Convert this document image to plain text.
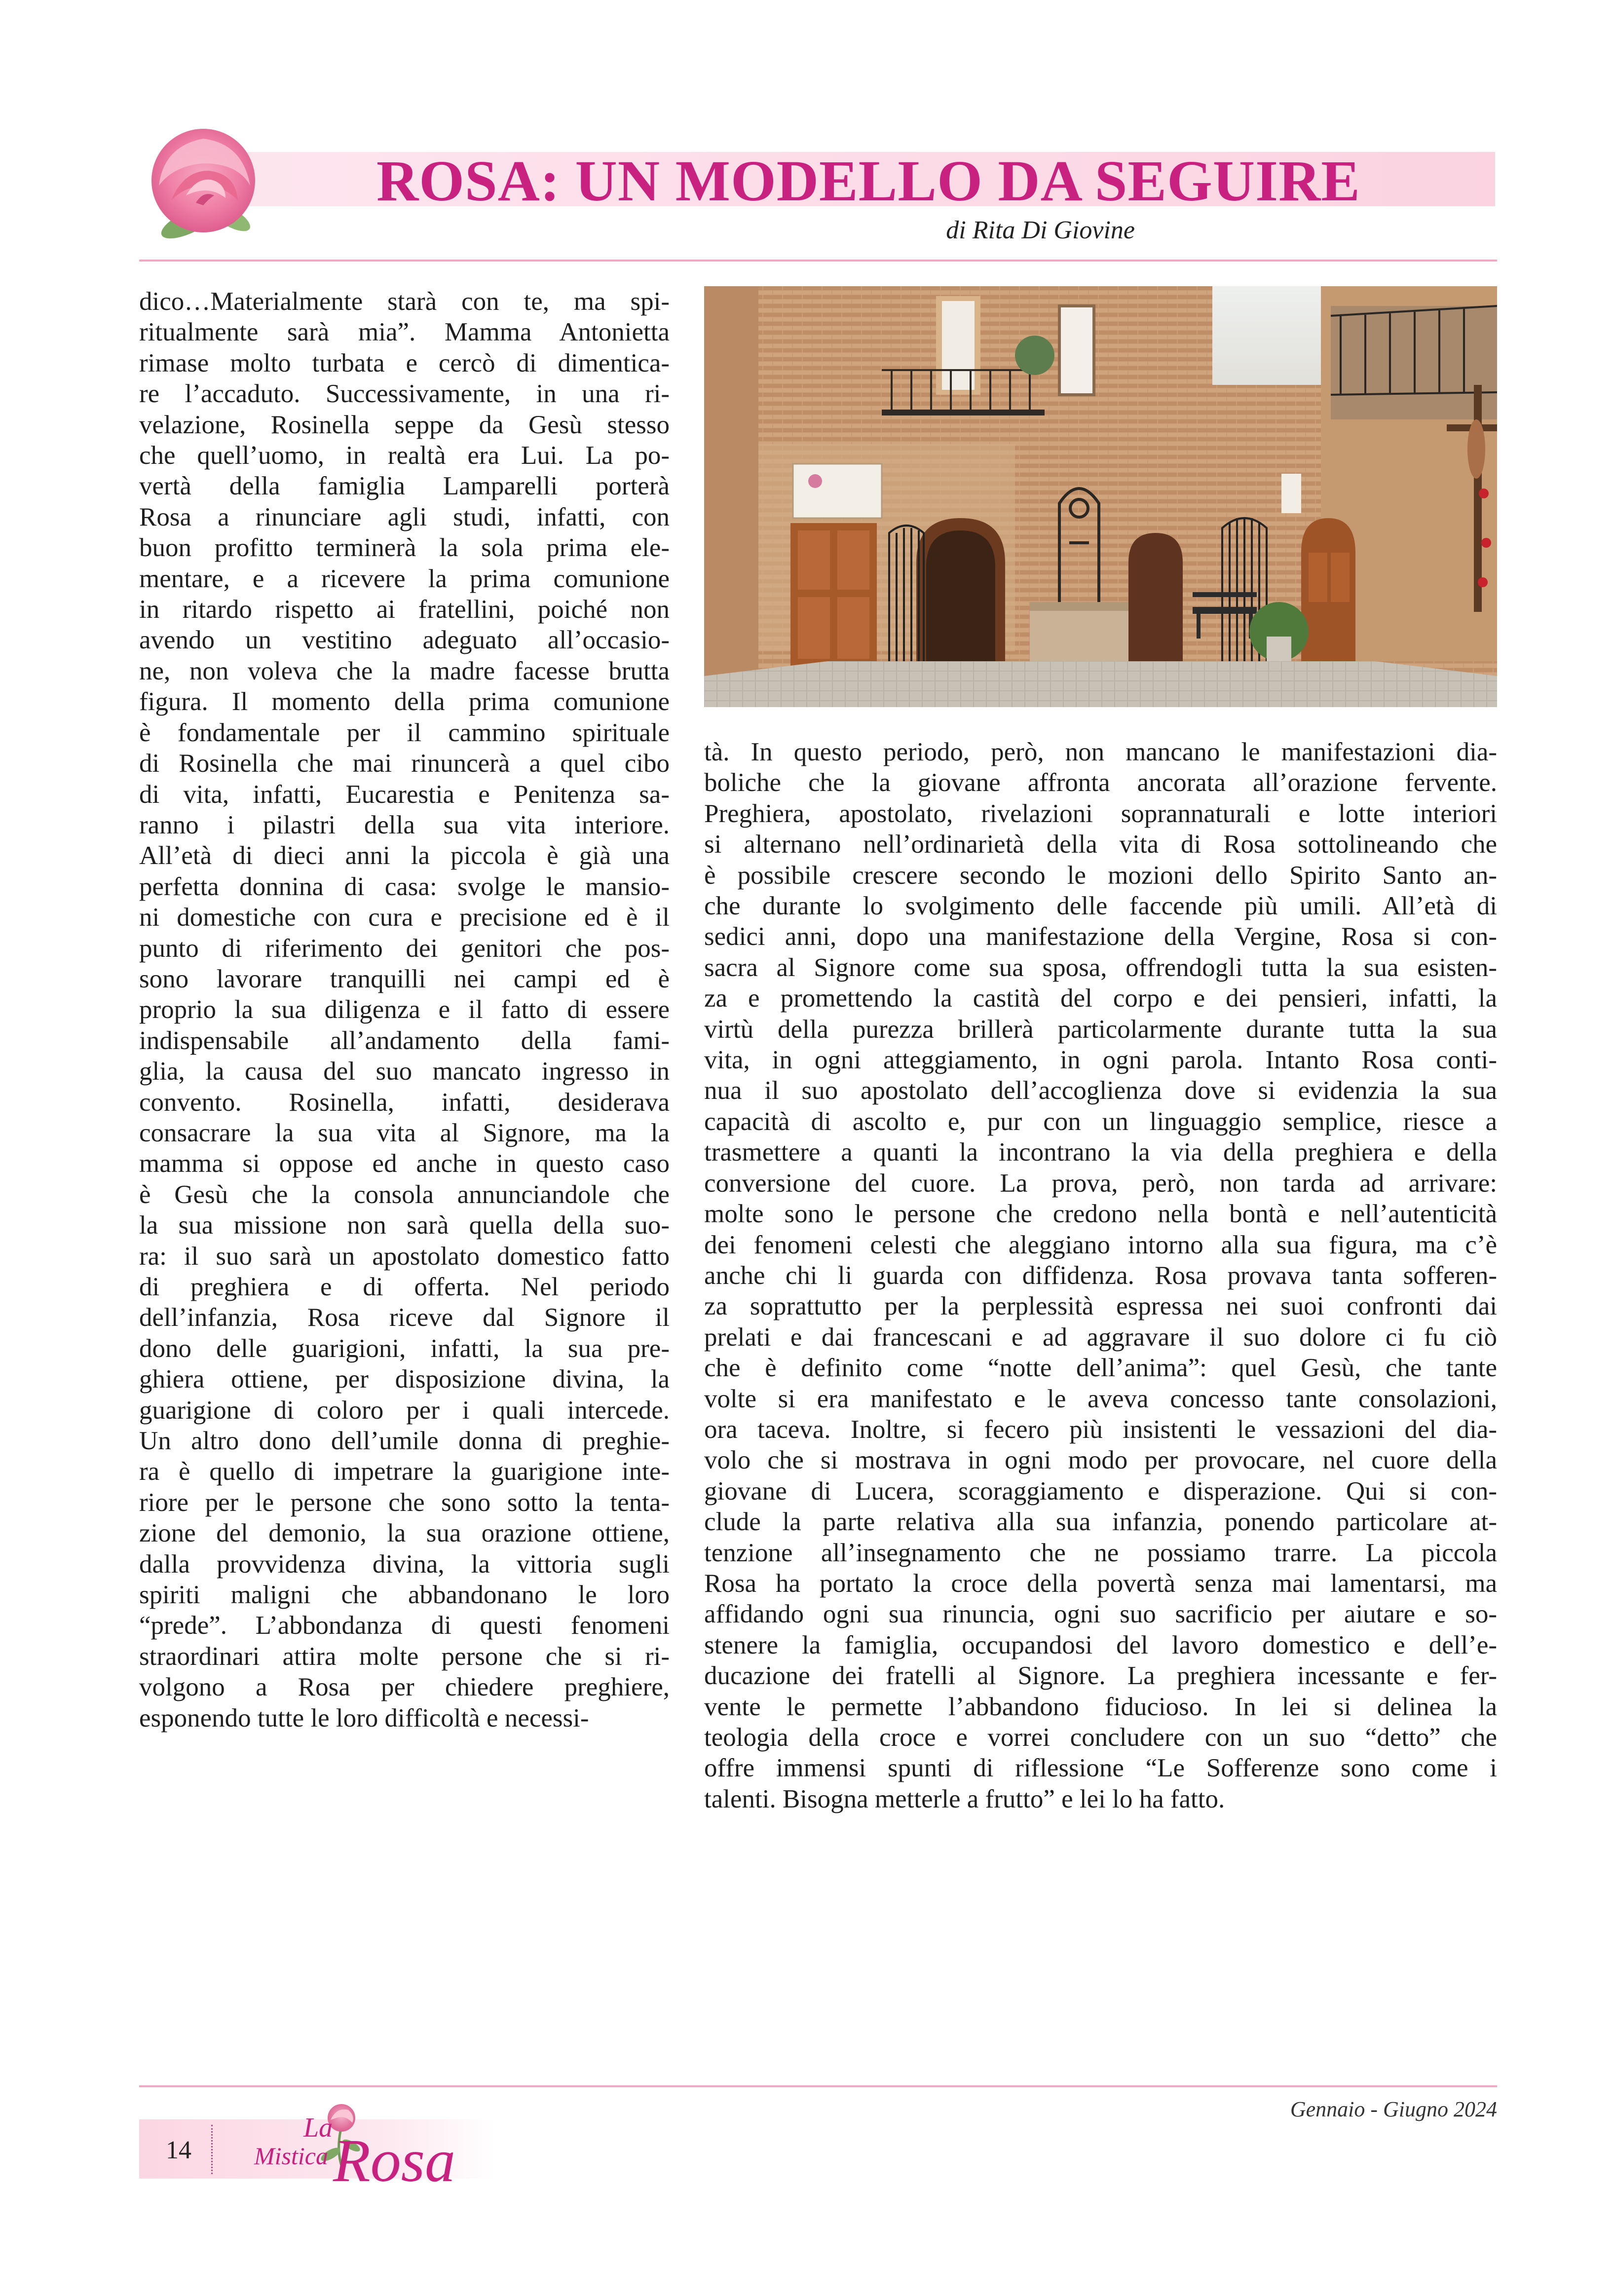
ROSA: UN MODELLO DA SEGUIRE
di Rita Di Giovine
dico…Materialmente starà con te, ma spi-
ritualmente sarà mia”. Mamma Antonietta
rimase molto turbata e cercò di dimentica-
re l’accaduto. Successivamente, in una ri-
velazione, Rosinella seppe da Gesù stesso
che quell’uomo, in realtà era Lui. La po-
vertà della famiglia Lamparelli porterà
Rosa a rinunciare agli studi, infatti, con
buon profitto terminerà la sola prima ele-
mentare, e a ricevere la prima comunione
in ritardo rispetto ai fratellini, poiché non
avendo un vestitino adeguato all’occasio-
ne, non voleva che la madre facesse brutta
figura. Il momento della prima comunione
è fondamentale per il cammino spirituale
di Rosinella che mai rinuncerà a quel cibo
di vita, infatti, Eucarestia e Penitenza sa-
ranno i pilastri della sua vita interiore.
All’età di dieci anni la piccola è già una
perfetta donnina di casa: svolge le mansio-
ni domestiche con cura e precisione ed è il
punto di riferimento dei genitori che pos-
sono lavorare tranquilli nei campi ed è
proprio la sua diligenza e il fatto di essere
indispensabile all’andamento della fami-
glia, la causa del suo mancato ingresso in
convento. Rosinella, infatti, desiderava
consacrare la sua vita al Signore, ma la
mamma si oppose ed anche in questo caso
è Gesù che la consola annunciandole che
la sua missione non sarà quella della suo-
ra: il suo sarà un apostolato domestico fatto
di preghiera e di offerta. Nel periodo
dell’infanzia, Rosa riceve dal Signore il
dono delle guarigioni, infatti, la sua pre-
ghiera ottiene, per disposizione divina, la
guarigione di coloro per i quali intercede.
Un altro dono dell’umile donna di preghie-
ra è quello di impetrare la guarigione inte-
riore per le persone che sono sotto la tenta-
zione del demonio, la sua orazione ottiene,
dalla provvidenza divina, la vittoria sugli
spiriti maligni che abbandonano le loro
“prede”. L’abbondanza di questi fenomeni
straordinari attira molte persone che si ri-
volgono a Rosa per chiedere preghiere,
esponendo tutte le loro difficoltà e necessi-
tà. In questo periodo, però, non mancano le manifestazioni dia-
boliche che la giovane affronta ancorata all’orazione fervente.
Preghiera, apostolato, rivelazioni soprannaturali e lotte interiori
si alternano nell’ordinarietà della vita di Rosa sottolineando che
è possibile crescere secondo le mozioni dello Spirito Santo an-
che durante lo svolgimento delle faccende più umili. All’età di
sedici anni, dopo una manifestazione della Vergine, Rosa si con-
sacra al Signore come sua sposa, offrendogli tutta la sua esisten-
za e promettendo la castità del corpo e dei pensieri, infatti, la
virtù della purezza brillerà particolarmente durante tutta la sua
vita, in ogni atteggiamento, in ogni parola. Intanto Rosa conti-
nua il suo apostolato dell’accoglienza dove si evidenzia la sua
capacità di ascolto e, pur con un linguaggio semplice, riesce a
trasmettere a quanti la incontrano la via della preghiera e della
conversione del cuore. La prova, però, non tarda ad arrivare:
molte sono le persone che credono nella bontà e nell’autenticità
dei fenomeni celesti che aleggiano intorno alla sua figura, ma c’è
anche chi li guarda con diffidenza. Rosa provava tanta sofferen-
za soprattutto per la perplessità espressa nei suoi confronti dai
prelati e dai francescani e ad aggravare il suo dolore ci fu ciò
che è definito come “notte dell’anima”: quel Gesù, che tante
volte si era manifestato e le aveva concesso tante consolazioni,
ora taceva. Inoltre, si fecero più insistenti le vessazioni del dia-
volo che si mostrava in ogni modo per provocare, nel cuore della
giovane di Lucera, scoraggiamento e disperazione. Qui si con-
clude la parte relativa alla sua infanzia, ponendo particolare at-
tenzione all’insegnamento che ne possiamo trarre. La piccola
Rosa ha portato la croce della povertà senza mai lamentarsi, ma
affidando ogni sua rinuncia, ogni suo sacrificio per aiutare e so-
stenere la famiglia, occupandosi del lavoro domestico e dell’e-
ducazione dei fratelli al Signore. La preghiera incessante e fer-
vente le permette l’abbandono fiducioso. In lei si delinea la
teologia della croce e vorrei concludere con un suo “detto” che
offre immensi spunti di riflessione “Le Sofferenze sono come i
talenti. Bisogna metterle a frutto” e lei lo ha fatto.
14
La
Mistica Rosa
Gennaio - Giugno 2024
